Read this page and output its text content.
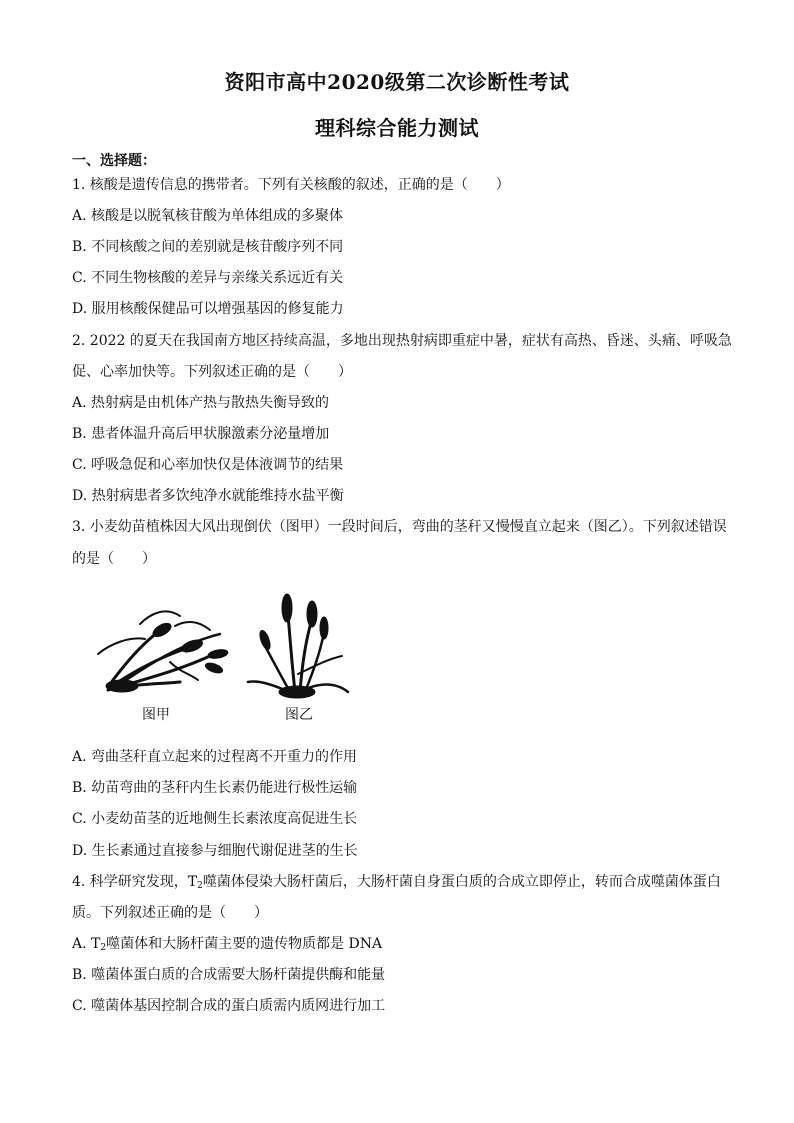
资阳市高中2020级第二次诊断性考试
理科综合能力测试
一、选择题：
1. 核酸是遗传信息的携带者。下列有关核酸的叙述，正确的是（　　）
A. 核酸是以脱氧核苷酸为单体组成的多聚体
B. 不同核酸之间的差别就是核苷酸序列不同
C. 不同生物核酸的差异与亲缘关系远近有关
D. 服用核酸保健品可以增强基因的修复能力
2. 2022 的夏天在我国南方地区持续高温，多地出现热射病即重症中暑，症状有高热、昏迷、头痛、呼吸急
促、心率加快等。下列叙述正确的是（　　）
A. 热射病是由机体产热与散热失衡导致的
B. 患者体温升高后甲状腺激素分泌量增加
C. 呼吸急促和心率加快仅是体液调节的结果
D. 热射病患者多饮纯净水就能维持水盐平衡
3. 小麦幼苗植株因大风出现倒伏（图甲）一段时间后，弯曲的茎秆又慢慢直立起来（图乙）。下列叙述错误
的是（　　）
图甲	图乙
A. 弯曲茎秆直立起来的过程离不开重力的作用
B. 幼苗弯曲的茎秆内生长素仍能进行极性运输
C. 小麦幼苗茎的近地侧生长素浓度高促进生长
D. 生长素通过直接参与细胞代谢促进茎的生长
4. 科学研究发现，$T_2$噬菌体侵染大肠杆菌后，大肠杆菌自身蛋白质的合成立即停止，转而合成噬菌体蛋白
质。下列叙述正确的是（　　）
A. $T_2$噬菌体和大肠杆菌主要的遗传物质都是 DNA
B. 噬菌体蛋白质的合成需要大肠杆菌提供酶和能量
C. 噬菌体基因控制合成的蛋白质需内质网进行加工
